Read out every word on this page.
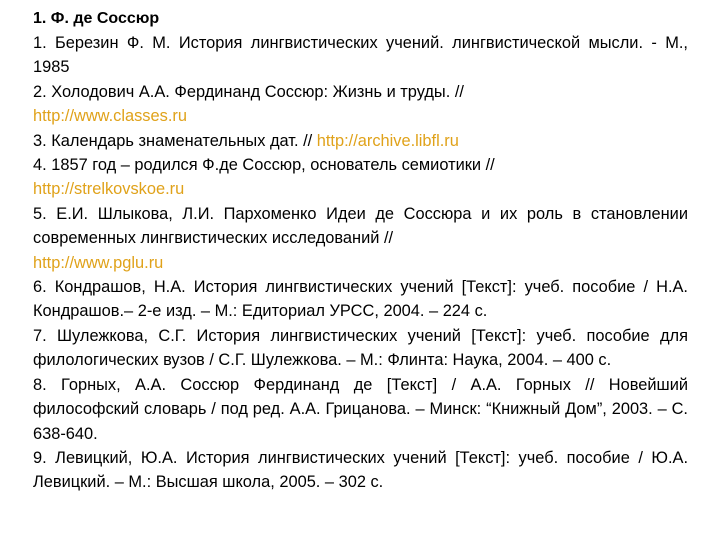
1. Ф. де Соссюр

1. Березин Ф. М. История лингвистических учений. лингвистической мысли. - М., 1985

2. Холодович А.А. Фердинанд Соссюр: Жизнь и труды. //
http://www.classes.ru

3. Календарь знаменательных дат. // http://archive.libfl.ru

4. 1857 год – родился Ф.де Соссюр, основатель семиотики //
http://strelkovskoe.ru

5. Е.И. Шлыкова, Л.И. Пархоменко Идеи де Соссюра и их роль в становлении современных лингвистических исследований //
http://www.pglu.ru

6. Кондрашов, Н.А. История лингвистических учений [Текст]: учеб. пособие / Н.А. Кондрашов.– 2-е изд. – М.: Едиториал УРСС, 2004. – 224 с.

7. Шулежкова, С.Г. История лингвистических учений [Текст]: учеб. пособие для филологических вузов / С.Г. Шулежкова. – М.: Флинта: Наука, 2004. – 400 с.

8. Горных, А.А. Соссюр Фердинанд де [Текст] / А.А. Горных // Новейший философский словарь / под ред. А.А. Грицанова. – Минск: “Книжный Дом”, 2003. – С. 638-640.

9. Левицкий, Ю.А. История лингвистических учений [Текст]: учеб. пособие / Ю.А. Левицкий. – М.: Высшая школа, 2005. – 302 с.
